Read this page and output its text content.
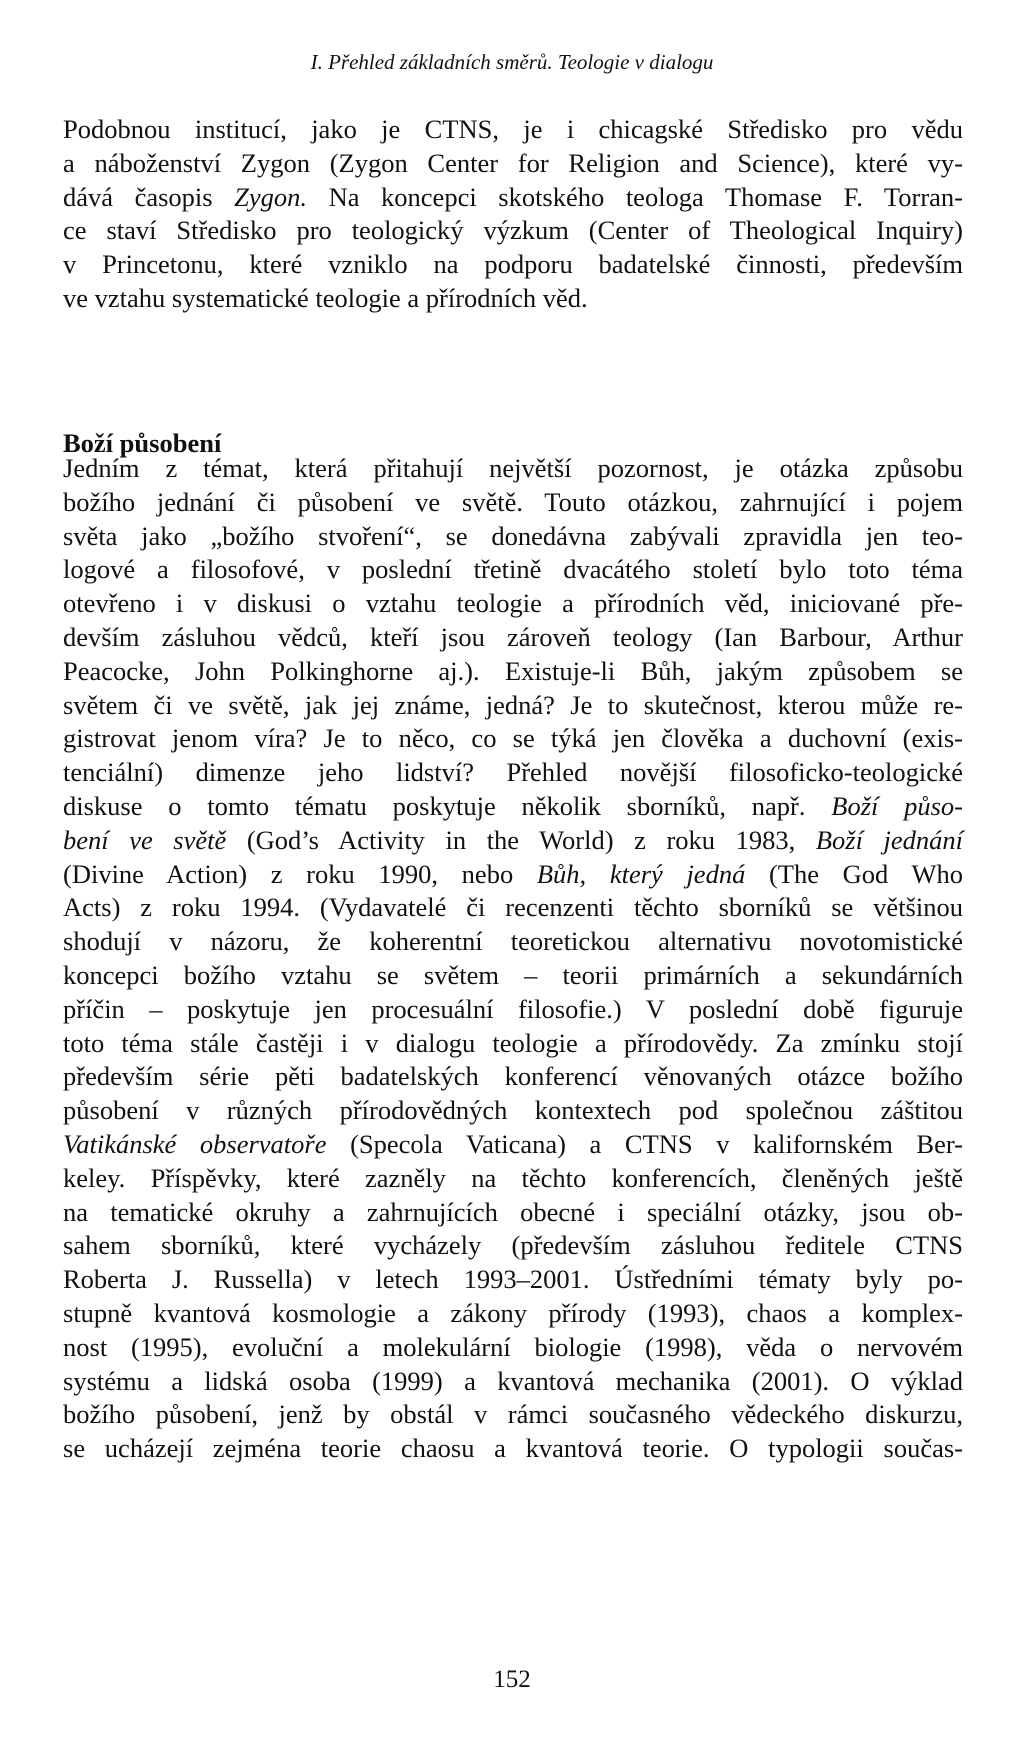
I. Přehled základních směrů. Teologie v dialogu
Podobnou institucí, jako je CTNS, je i chicagské Středisko pro vědu
a náboženství Zygon (Zygon Center for Religion and Science), které vy-
dává časopis Zygon. Na koncepci skotského teologa Thomase F. Torran-
ce staví Středisko pro teologický výzkum (Center of Theological Inquiry)
v Princetonu, které vzniklo na podporu badatelské činnosti, především
ve vztahu systematické teologie a přírodních věd.
Boží působení
Jedním z témat, která přitahují největší pozornost, je otázka způsobu
božího jednání či působení ve světě. Touto otázkou, zahrnující i pojem
světa jako „božího stvoření“, se donedávna zabývali zpravidla jen teo-
logové a filosofové, v poslední třetině dvacátého století bylo toto téma
otevřeno i v diskusi o vztahu teologie a přírodních věd, iniciované pře-
devším zásluhou vědců, kteří jsou zároveň teology (Ian Barbour, Arthur
Peacocke, John Polkinghorne aj.). Existuje-li Bůh, jakým způsobem se
světem či ve světě, jak jej známe, jedná? Je to skutečnost, kterou může re-
gistrovat jenom víra? Je to něco, co se týká jen člověka a duchovní (exis-
tenciální) dimenze jeho lidství? Přehled novější filosoficko-teologické
diskuse o tomto tématu poskytuje několik sborníků, např. Boží půso-
bení ve světě (God’s Activity in the World) z roku 1983, Boží jednání
(Divine Action) z roku 1990, nebo Bůh, který jedná (The God Who
Acts) z roku 1994. (Vydavatelé či recenzenti těchto sborníků se většinou
shodují v názoru, že koherentní teoretickou alternativu novotomistické
koncepci božího vztahu se světem – teorii primárních a sekundárních
příčin – poskytuje jen procesuální filosofie.) V poslední době figuruje
toto téma stále častěji i v dialogu teologie a přírodovědy. Za zmínku stojí
především série pěti badatelských konferencí věnovaných otázce božího
působení v různých přírodovědných kontextech pod společnou záštitou
Vatikánské observatoře (Specola Vaticana) a CTNS v kalifornském Ber-
keley. Příspěvky, které zazněly na těchto konferencích, členěných ještě
na tematické okruhy a zahrnujících obecné i speciální otázky, jsou ob-
sahem sborníků, které vycházely (především zásluhou ředitele CTNS
Roberta J. Russella) v letech 1993–2001. Ústředními tématy byly po-
stupně kvantová kosmologie a zákony přírody (1993), chaos a komplex-
nost (1995), evoluční a molekulární biologie (1998), věda o nervovém
systému a lidská osoba (1999) a kvantová mechanika (2001). O výklad
božího působení, jenž by obstál v rámci současného vědeckého diskurzu,
se ucházejí zejména teorie chaosu a kvantová teorie. O typologii součas-
152
